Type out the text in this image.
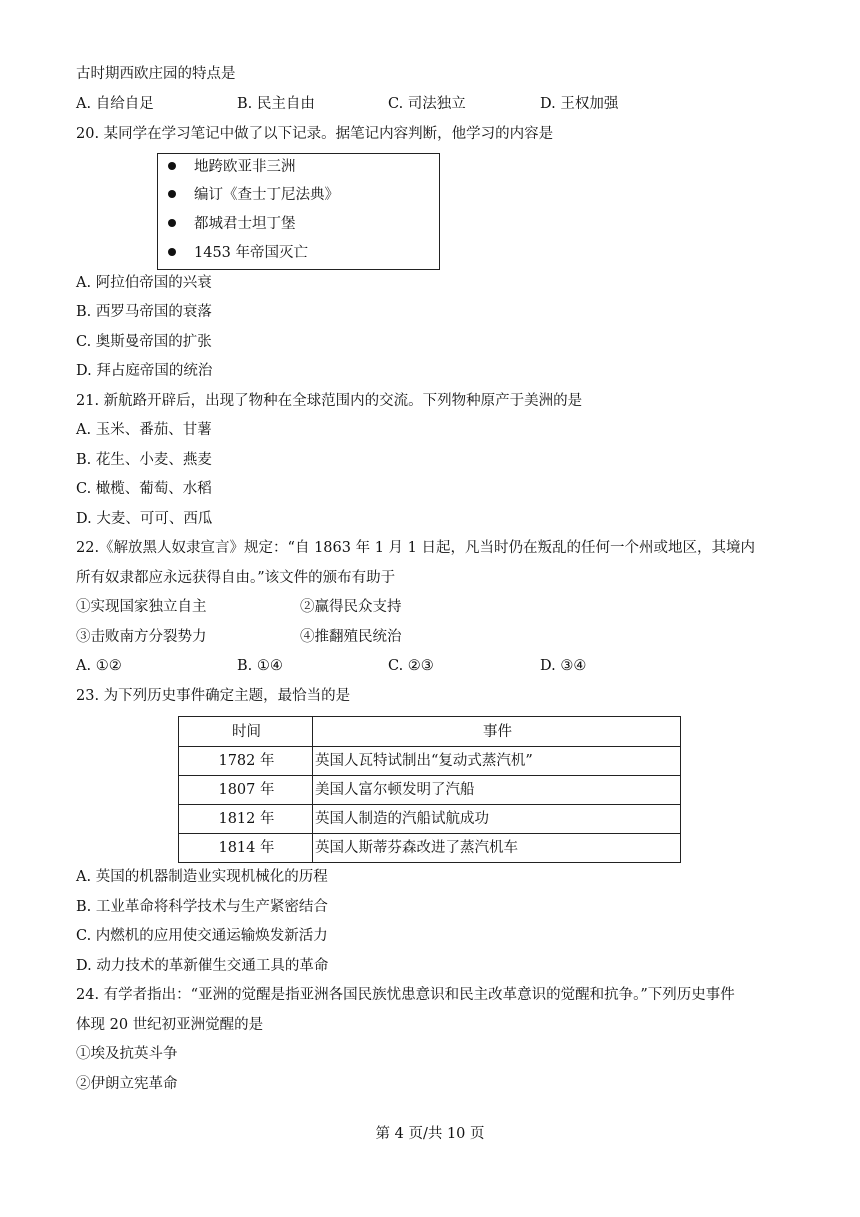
古时期西欧庄园的特点是
A. 自给自足	B. 民主自由	C. 司法独立	D. 王权加强
20. 某同学在学习笔记中做了以下记录。据笔记内容判断，他学习的内容是
地跨欧亚非三洲
编订《查士丁尼法典》
都城君士坦丁堡
1453 年帝国灭亡
A. 阿拉伯帝国的兴衰
B. 西罗马帝国的衰落
C. 奥斯曼帝国的扩张
D. 拜占庭帝国的统治
21. 新航路开辟后，出现了物种在全球范围内的交流。下列物种原产于美洲的是
A. 玉米、番茄、甘薯
B. 花生、小麦、燕麦
C. 橄榄、葡萄、水稻
D. 大麦、可可、西瓜
22.《解放黑人奴隶宣言》规定：“自 1863 年 1 月 1 日起，凡当时仍在叛乱的任何一个州或地区，其境内
所有奴隶都应永远获得自由。”该文件的颁布有助于
①实现国家独立自主	②赢得民众支持
③击败南方分裂势力	④推翻殖民统治
A. ①②	B. ①④	C. ②③	D. ③④
23. 为下列历史事件确定主题，最恰当的是
时间	事件
1782 年	英国人瓦特试制出“复动式蒸汽机”
1807 年	美国人富尔顿发明了汽船
1812 年	英国人制造的汽船试航成功
1814 年	英国人斯蒂芬森改进了蒸汽机车
A. 英国的机器制造业实现机械化的历程
B. 工业革命将科学技术与生产紧密结合
C. 内燃机的应用使交通运输焕发新活力
D. 动力技术的革新催生交通工具的革命
24. 有学者指出：“亚洲的觉醒是指亚洲各国民族忧患意识和民主改革意识的觉醒和抗争。”下列历史事件
体现 20 世纪初亚洲觉醒的是
①埃及抗英斗争
②伊朗立宪革命
第 4 页/共 10 页
